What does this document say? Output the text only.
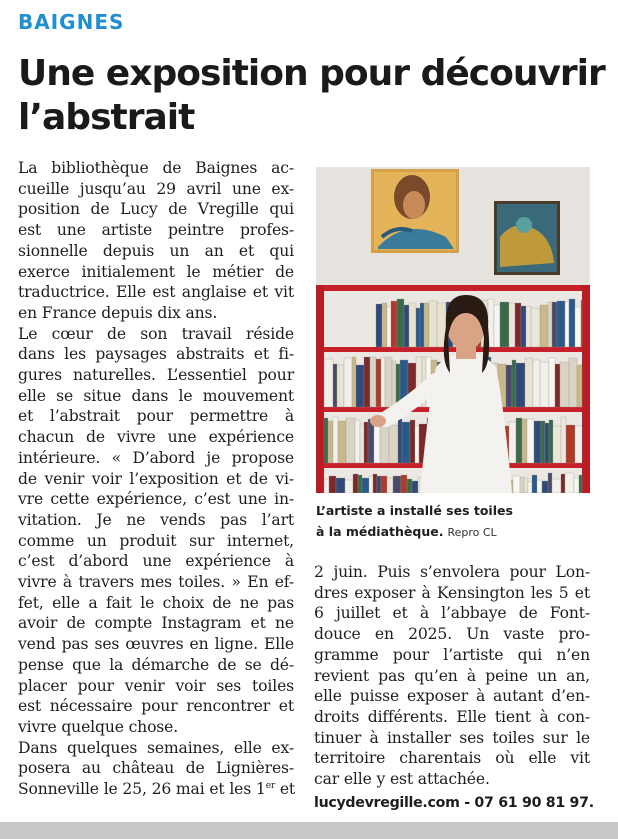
BAIGNES
Une exposition pour découvrir
l’abstrait
La bibliothèque de Baignes ac-
cueille jusqu’au 29 avril une ex-
position de Lucy de Vregille qui
est une artiste peintre profes-
sionnelle depuis un an et qui
exerce initialement le métier de
traductrice. Elle est anglaise et vit
en France depuis dix ans.
Le cœur de son travail réside
dans les paysages abstraits et fi-
gures naturelles. L’essentiel pour
elle se situe dans le mouvement
et l’abstrait pour permettre à
chacun de vivre une expérience
intérieure. « D’abord je propose
de venir voir l’exposition et de vi-
vre cette expérience, c’est une in-
vitation. Je ne vends pas l’art
comme un produit sur internet,
c’est d’abord une expérience à
vivre à travers mes toiles. » En ef-
fet, elle a fait le choix de ne pas
avoir de compte Instagram et ne
vend pas ses œuvres en ligne. Elle
pense que la démarche de se dé-
placer pour venir voir ses toiles
est nécessaire pour rencontrer et
vivre quelque chose.
Dans quelques semaines, elle ex-
posera au château de Lignières-
Sonneville le 25, 26 mai et les 1er et
L’artiste a installé ses toiles
à la médiathèque. Repro CL
2 juin. Puis s’envolera pour Lon-
dres exposer à Kensington les 5 et
6 juillet et à l’abbaye de Font-
douce en 2025. Un vaste pro-
gramme pour l’artiste qui n’en
revient pas qu’en à peine un an,
elle puisse exposer à autant d’en-
droits différents. Elle tient à con-
tinuer à installer ses toiles sur le
territoire charentais où elle vit
car elle y est attachée.
lucydevregille.com - 07 61 90 81 97.
